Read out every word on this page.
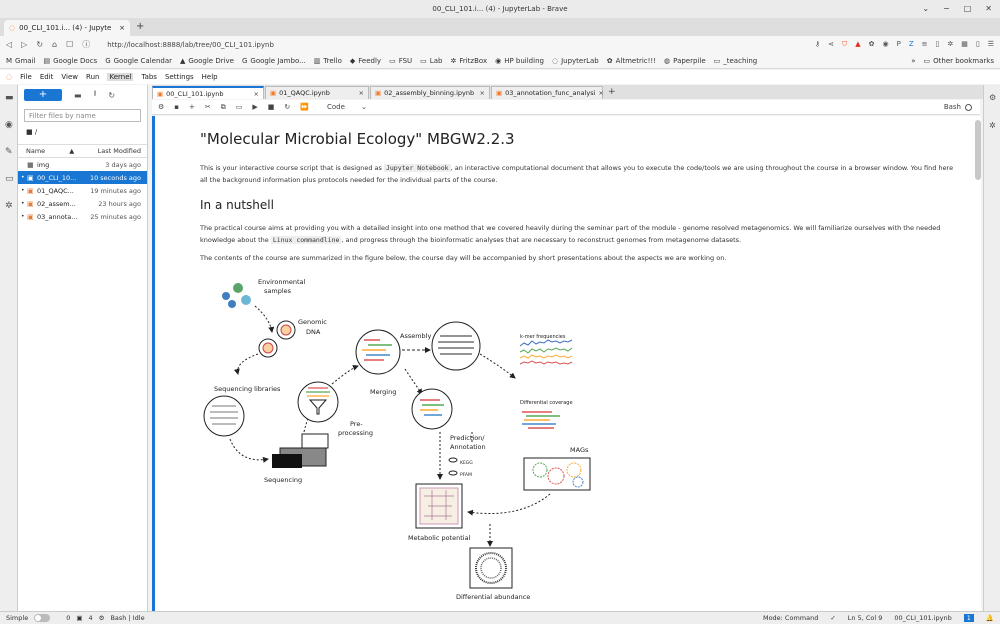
00_CLI_101.i... (4) - JupyterLab - Brave	⌄ − □ ✕
◌ 00_CLI_101.i... (4) - Jupyte × +
◁ ▷ ↻ ⌂ ☐ ⓘ http://localhost:8888/lab/tree/00_CLI_101.ipynb	⚷ ⋖ ⛉ ▲ ✿ ◉ P Z ≡ ▯ ✲ ▦ ▯ ☰
M Gmail ▤ Google Docs G Google Calendar ▲ Google Drive G Google Jambo... ▥ Trello ◆ Feedly ▭ FSU ▭ Lab ✲ FritzBox ◉ HP building ◌ JupyterLab ✿ Altmetric!!! ◍ Paperpile ▭ _teaching	» ▭ Other bookmarks
◌ File Edit View Run Kernel Tabs Settings Help
▬
◉
✎
▭
✲
+	▬ ⭱ ↻
Filter files by name
■ /
Name	▲	Last Modified
■ img	3 days ago
• ▣ 00_CLI_10...	10 seconds ago
• ▣ 01_QAQC...	19 minutes ago
• ▣ 02_assem...	23 hours ago
• ▣ 03_annota...	25 minutes ago
▣ 00_CLI_101.ipynb	× ▣ 01_QAQC.ipynb	× ▣ 02_assembly_binning.ipynb × ▣ 03_annotation_func_analysi × +
⚙ ▪ + ✂ ⧉ ▭ ▶ ■ ↻ ⏩	Code ⌄	Bash
⚙
✲
"Molecular Microbial Ecology" MBGW2.2.3

This is your interactive course script that is designed as Jupyter Notebook , an interactive computational document that allows you to execute the code/tools we are using throughout the course in a browser window. You find here all the background information plus protocols needed for the individual parts of the course.

In a nutshell

The practical course aims at providing you with a detailed insight into one method that we covered heavily during the seminar part of the module - genome resolved metagenomics. We will familiarize ourselves with the needed knowledge about the Linux commandline , and progress through the bioinformatic analyses that are necessary to reconstruct genomes from metagenome datasets.

The contents of the course are summarized in the figure below, the course day will be accompanied by short presentations about the aspects we are working on.

Environmental
samples
Genomic
DNA
Sequencing libraries
Sequencing
Pre-
processing
Merging
Assembly	k-mer frequencies
Differential coverage
MAGs
Prediction/
Annotation
KEGG
PFAM
Metabolic potential
Differential abundance
Simple	0 ▣ 4 ⚙ Bash | Idle	Mode: Command ✓ Ln 5, Col 9 00_CLI_101.ipynb	1	🔔
